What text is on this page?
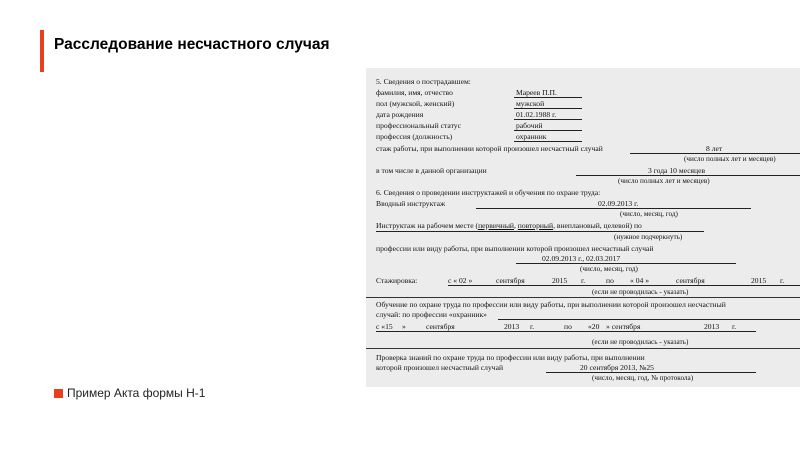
Расследование несчастного случая
5. Сведения о пострадавшем:
фамилия, имя, отчество	Мареев П.П.
пол (мужской, женский)	мужской
дата рождения	01.02.1988 г.
профессиональный статус	рабочий
профессия (должность)	охранник
стаж работы, при выполнении которой произошел несчастный случай	8 лет
(число полных лет и месяцев)
в том числе в данной организации	3 года 10 месяцев
(число полных лет и месяцев)
6. Сведения о проведении инструктажей и обучения по охране труда:
Вводный инструктаж	02.09.2013 г.
(число, месяц, год)
Инструктаж на рабочем месте (первичный, повторный, внеплановый, целевой) по
(нужное подчеркнуть)
профессии или виду работы, при выполнении которой произошел несчастный случай
02.09.2013 г., 02.03.2017
(число, месяц, год)
Стажировка:	с « 02 »	сентября	2015 г.	по « 04 »	сентября	2015 г.
(если не проводилась - указать)
Обучение по охране труда по профессии или виду работы, при выполнении которой произошел несчастный
случай: по профессии «охранник»
с «15 »	сентября	2013 г.	по «20 » сентября	2013 г.
(если не проводилась - указать)
Проверка знаний по охране труда по профессии или виду работы, при выполнении
которой произошел несчастный случай	20 сентября 2013, №25
(число, месяц, год, № протокола)
Пример Акта формы Н-1
